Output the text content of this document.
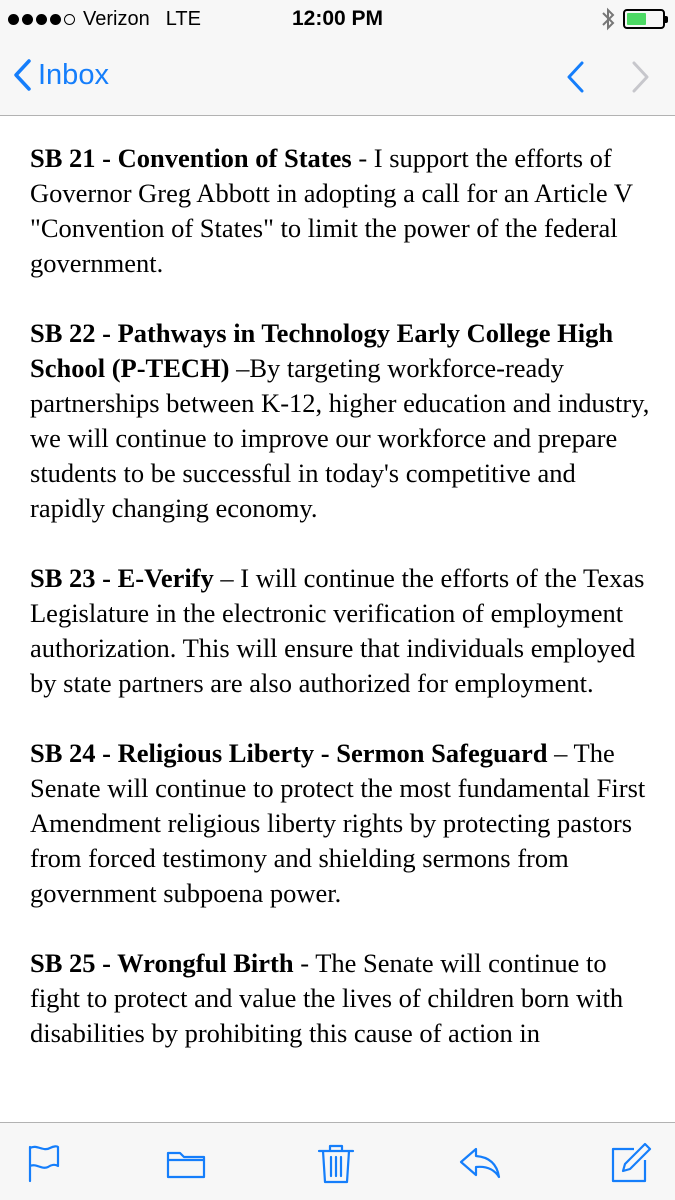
Verizon LTE	12:00 PM
Inbox

SB 21 - Convention of States - I support the efforts of Governor Greg Abbott in adopting a call for an Article V "Convention of States" to limit the power of the federal government.

SB 22 - Pathways in Technology Early College High School (P-TECH) –By targeting workforce-ready partnerships between K-12, higher education and industry, we will continue to improve our workforce and prepare students to be successful in today's competitive and rapidly changing economy.

SB 23 - E-Verify – I will continue the efforts of the Texas Legislature in the electronic verification of employment authorization. This will ensure that individuals employed by state partners are also authorized for employment.

SB 24 - Religious Liberty - Sermon Safeguard – The Senate will continue to protect the most fundamental First Amendment religious liberty rights by protecting pastors from forced testimony and shielding sermons from government subpoena power.

SB 25 - Wrongful Birth - The Senate will continue to fight to protect and value the lives of children born with disabilities by prohibiting this cause of action in
